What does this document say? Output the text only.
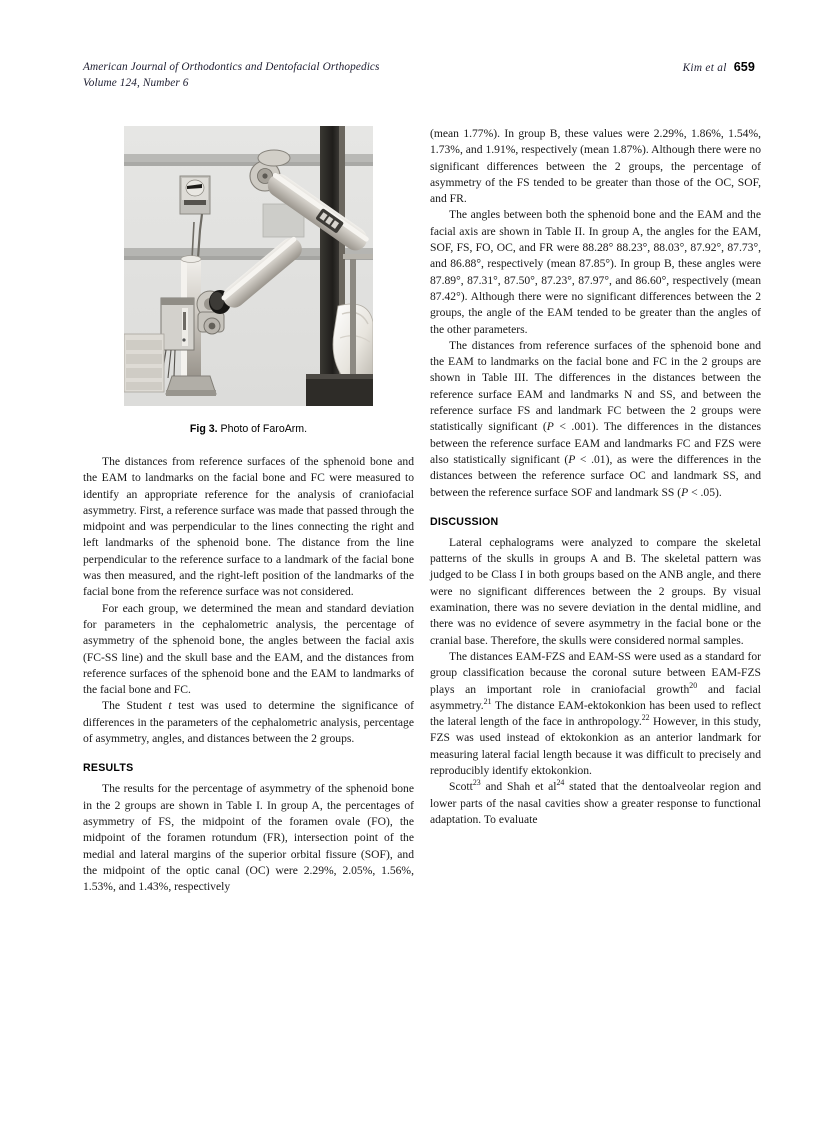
American Journal of Orthodontics and Dentofacial Orthopedics
Volume 124, Number 6
Kim et al 659
Fig 3. Photo of FaroArm.

The distances from reference surfaces of the sphenoid bone and the EAM to landmarks on the facial bone and FC were measured to identify an appropriate reference for the analysis of craniofacial asymmetry. First, a reference surface was made that passed through the midpoint and was perpendicular to the lines connecting the right and left landmarks of the sphenoid bone. The distance from the line perpendicular to the reference surface to a landmark of the facial bone was then measured, and the right-left position of the landmarks of the facial bone from the reference surface was not considered.

For each group, we determined the mean and standard deviation for parameters in the cephalometric analysis, the percentage of asymmetry of the sphenoid bone, the angles between the facial axis (FC-SS line) and the skull base and the EAM, and the distances from reference surfaces of the sphenoid bone and the EAM to landmarks of the facial bone and FC.

The Student t test was used to determine the significance of differences in the parameters of the cephalometric analysis, percentage of asymmetry, angles, and distances between the 2 groups.

RESULTS

The results for the percentage of asymmetry of the sphenoid bone in the 2 groups are shown in Table I. In group A, the percentages of asymmetry of FS, the midpoint of the foramen ovale (FO), the midpoint of the foramen rotundum (FR), intersection point of the medial and lateral margins of the superior orbital fissure (SOF), and the midpoint of the optic canal (OC) were 2.29%, 2.05%, 1.56%, 1.53%, and 1.43%, respectively

(mean 1.77%). In group B, these values were 2.29%, 1.86%, 1.54%, 1.73%, and 1.91%, respectively (mean 1.87%). Although there were no significant differences between the 2 groups, the percentage of asymmetry of the FS tended to be greater than those of the OC, SOF, and FR.

The angles between both the sphenoid bone and the EAM and the facial axis are shown in Table II. In group A, the angles for the EAM, SOF, FS, FO, OC, and FR were 88.28° 88.23°, 88.03°, 87.92°, 87.73°, and 86.88°, respectively (mean 87.85°). In group B, these angles were 87.89°, 87.31°, 87.50°, 87.23°, 87.97°, and 86.60°, respectively (mean 87.42°). Although there were no significant differences between the 2 groups, the angle of the EAM tended to be greater than the angles of the other parameters.

The distances from reference surfaces of the sphenoid bone and the EAM to landmarks on the facial bone and FC in the 2 groups are shown in Table III. The differences in the distances between the reference surface EAM and landmarks N and SS, and between the reference surface FS and landmark FC between the 2 groups were statistically significant (P < .001). The differences in the distances between the reference surface EAM and landmarks FC and FZS were also statistically significant (P < .01), as were the differences in the distances between the reference surface OC and landmark SS, and between the reference surface SOF and landmark SS (P < .05).

DISCUSSION

Lateral cephalograms were analyzed to compare the skeletal patterns of the skulls in groups A and B. The skeletal pattern was judged to be Class I in both groups based on the ANB angle, and there were no significant differences between the 2 groups. By visual examination, there was no severe deviation in the dental midline, and there was no evidence of severe asymmetry in the facial bone or the cranial base. Therefore, the skulls were considered normal samples.

The distances EAM-FZS and EAM-SS were used as a standard for group classification because the coronal suture between EAM-FZS plays an important role in craniofacial growth$^{20}$ and facial asymmetry.$^{21}$ The distance EAM-ektokonkion has been used to reflect the lateral length of the face in anthropology.$^{22}$ However, in this study, FZS was used instead of ektokonkion as an anterior landmark for measuring lateral facial length because it was difficult to precisely and reproducibly identify ektokonkion.

Scott$^{23}$ and Shah et $al^{24}$ stated that the dentoalveolar region and lower parts of the nasal cavities show a greater response to functional adaptation. To evaluate
